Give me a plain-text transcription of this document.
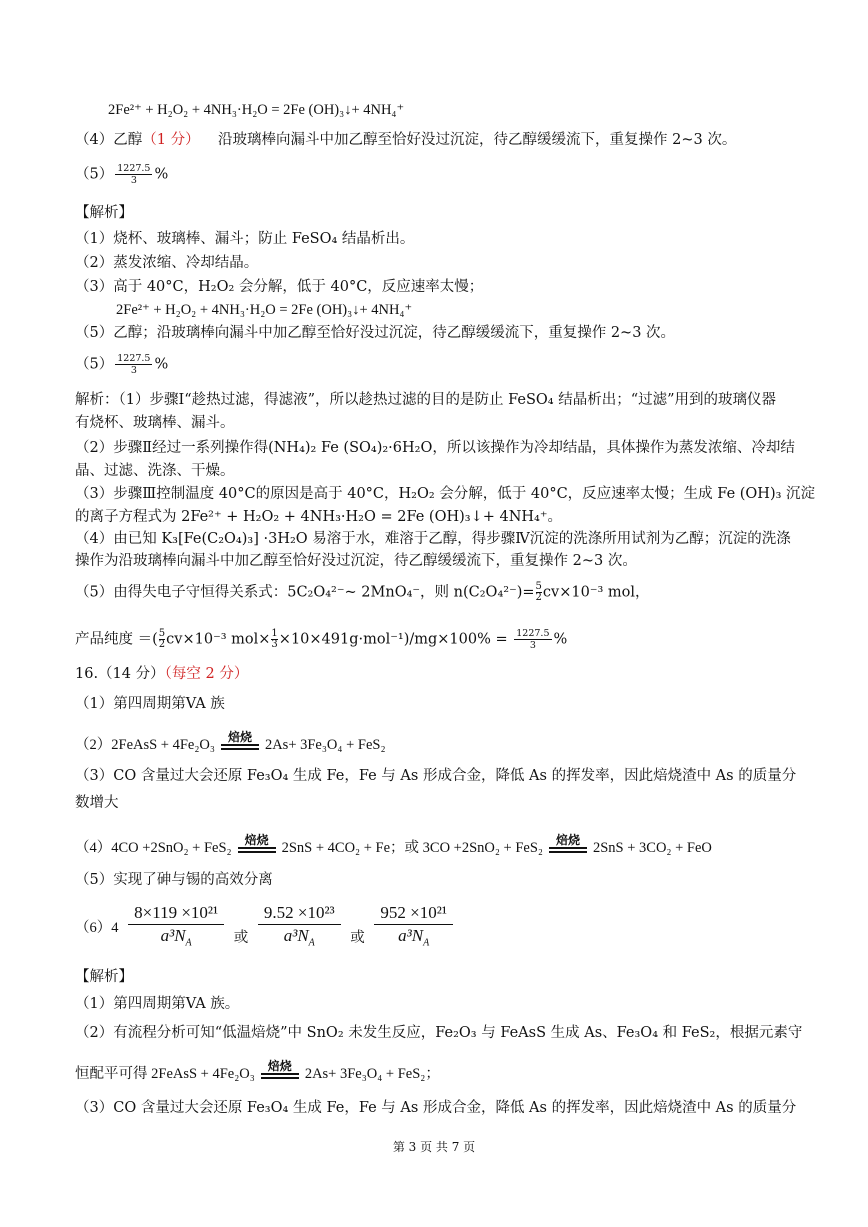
2Fe²⁺ + H₂O₂ + 4NH₃·H₂O = 2Fe (OH)₃↓+ 4NH₄⁺
（4）乙醇（1 分） 沿玻璃棒向漏斗中加乙醇至恰好没过沉淀，待乙醇缓缓流下，重复操作 2~3 次。
$(5) \frac{1227.5}{3}$ %
【解析】
（1）烧杯、玻璃棒、漏斗；防止 FeSO₄ 结晶析出。
（2）蒸发浓缩、冷却结晶。
（3）高于 40°C，H₂O₂ 会分解，低于 40°C，反应速率太慢；
2Fe²⁺ + H₂O₂ + 4NH₃·H₂O = 2Fe (OH)₃↓+ 4NH₄⁺
（5）乙醇；沿玻璃棒向漏斗中加乙醇至恰好没过沉淀，待乙醇缓缓流下，重复操作 2~3 次。
$(5) \frac{1227.5}{3}$ %
解析：（1）步骤Ⅰ“趁热过滤，得滤液”，所以趁热过滤的目的是防止 FeSO₄ 结晶析出；“过滤”用到的玻璃仪器
有烧杯、玻璃棒、漏斗。
（2）步骤Ⅱ经过一系列操作得(NH₄)₂ Fe (SO₄)₂·6H₂O，所以该操作为冷却结晶，具体操作为蒸发浓缩、冷却结
晶、过滤、洗涤、干燥。
（3）步骤Ⅲ控制温度 40°C的原因是高于 40°C，H₂O₂ 会分解，低于 40°C，反应速率太慢；生成 Fe (OH)₃ 沉淀
的离子方程式为 2Fe²⁺ + H₂O₂ + 4NH₃·H₂O = 2Fe (OH)₃↓+ 4NH₄⁺。
（4）由已知 K₃[Fe(C₂O₄)₃] ·3H₂O 易溶于水，难溶于乙醇，得步骤Ⅳ沉淀的洗涤所用试剂为乙醇；沉淀的洗涤
操作为沿玻璃棒向漏斗中加乙醇至恰好没过沉淀，待乙醇缓缓流下，重复操作 2~3 次。
（5）由得失电子守恒得关系式：5C₂O₄²⁻~ 2MnO₄⁻，则 $n(C_2O_4^{2-})= \frac{5}{2} cv\times 10^{-3}$ mol，
产品纯度 ＝( $\frac{5}{2} cv\times 10^{-3}$ $mol\times \frac{1}{3} \times 10\times 491g\cdot mol^{-1})/mg\times 100\% = \frac{1227.5}{3}$ %
16.（14 分）（每空 2 分）
（1）第四周期第VA 族
（2）2FeAsS + 4Fe₂O₃
焙烧
2As+ 3Fe₃O₄ + FeS₂
（3）CO 含量过大会还原 Fe₃O₄ 生成 Fe，Fe 与 As 形成合金，降低 As 的挥发率，因此焙烧渣中 As 的质量分
数增大
（4）4CO +2SnO₂ + FeS₂
焙烧
2SnS + 4CO₂ + Fe；或 3CO +2SnO₂ + FeS₂
焙烧
2SnS + 3CO₂ + FeO
（5）实现了砷与锡的高效分离
$(6)4 \frac{\text{8×119 ×10²¹}}{a^3N_A}$ 或 $\frac{\text{9.52 ×10²³}}{a^3N_A}$ 或 $\frac{\text{952 ×10²¹}}{a^3N_A}$
【解析】
（1）第四周期第VA 族。
（2）有流程分析可知“低温焙烧”中 SnO₂ 未发生反应，Fe₂O₃ 与 FeAsS 生成 As、Fe₃O₄ 和 FeS₂，根据元素守
恒配平可得 2FeAsS + 4Fe₂O₃
焙烧
2As+ 3Fe₃O₄ + FeS₂；
（3）CO 含量过大会还原 Fe₃O₄ 生成 Fe，Fe 与 As 形成合金，降低 As 的挥发率，因此焙烧渣中 As 的质量分
第 3 页 共 7 页
